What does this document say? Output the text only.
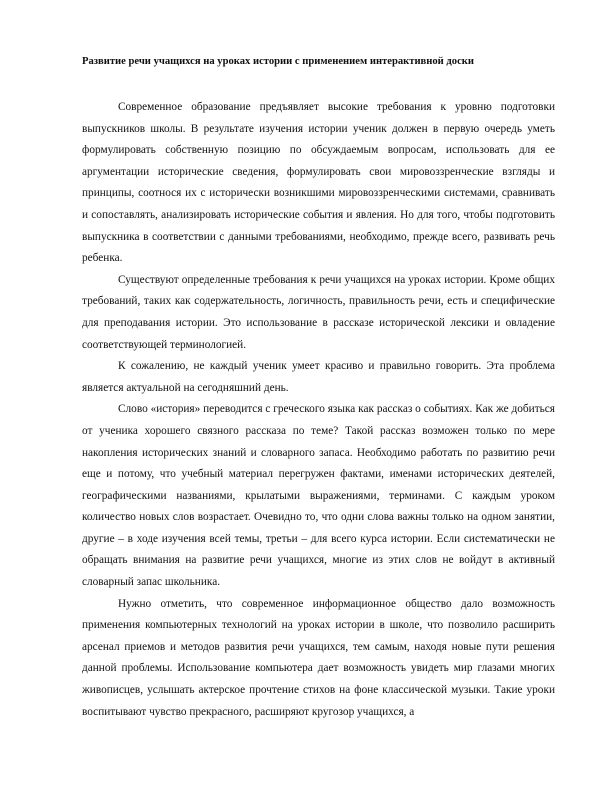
Развитие речи учащихся на уроках истории с применением интерактивной доски

Современное образование предъявляет высокие требования к уровню подготовки выпускников школы. В результате изучения истории ученик должен в первую очередь уметь формулировать собственную позицию по обсуждаемым вопросам, использовать для ее аргументации исторические сведения, формулировать свои мировоззренческие взгляды и принципы, соотнося их с исторически возникшими мировоззренческими системами, сравнивать и сопоставлять, анализировать исторические события и явления. Но для того, чтобы подготовить выпускника в соответствии с данными требованиями, необходимо, прежде всего, развивать речь ребенка.

Существуют определенные требования к речи учащихся на уроках истории. Кроме общих требований, таких как содержательность, логичность, правильность речи, есть и специфические для преподавания истории. Это использование в рассказе исторической лексики и овладение соответствующей терминологией.

К сожалению, не каждый ученик умеет красиво и правильно говорить. Эта проблема является актуальной на сегодняшний день.

Слово «история» переводится с греческого языка как рассказ о событиях. Как же добиться от ученика хорошего связного рассказа по теме? Такой рассказ возможен только по мере накопления исторических знаний и словарного запаса. Необходимо работать по развитию речи еще и потому, что учебный материал перегружен фактами, именами исторических деятелей, географическими названиями, крылатыми выражениями, терминами. С каждым уроком количество новых слов возрастает. Очевидно то, что одни слова важны только на одном занятии, другие – в ходе изучения всей темы, третьи – для всего курса истории. Если систематически не обращать внимания на развитие речи учащихся, многие из этих слов не войдут в активный словарный запас школьника.

Нужно отметить, что современное информационное общество дало возможность применения компьютерных технологий на уроках истории в школе, что позволило расширить арсенал приемов и методов развития речи учащихся, тем самым, находя новые пути решения данной проблемы. Использование компьютера дает возможность увидеть мир глазами многих живописцев, услышать актерское прочтение стихов на фоне классической музыки. Такие уроки воспитывают чувство прекрасного, расширяют кругозор учащихся, а
